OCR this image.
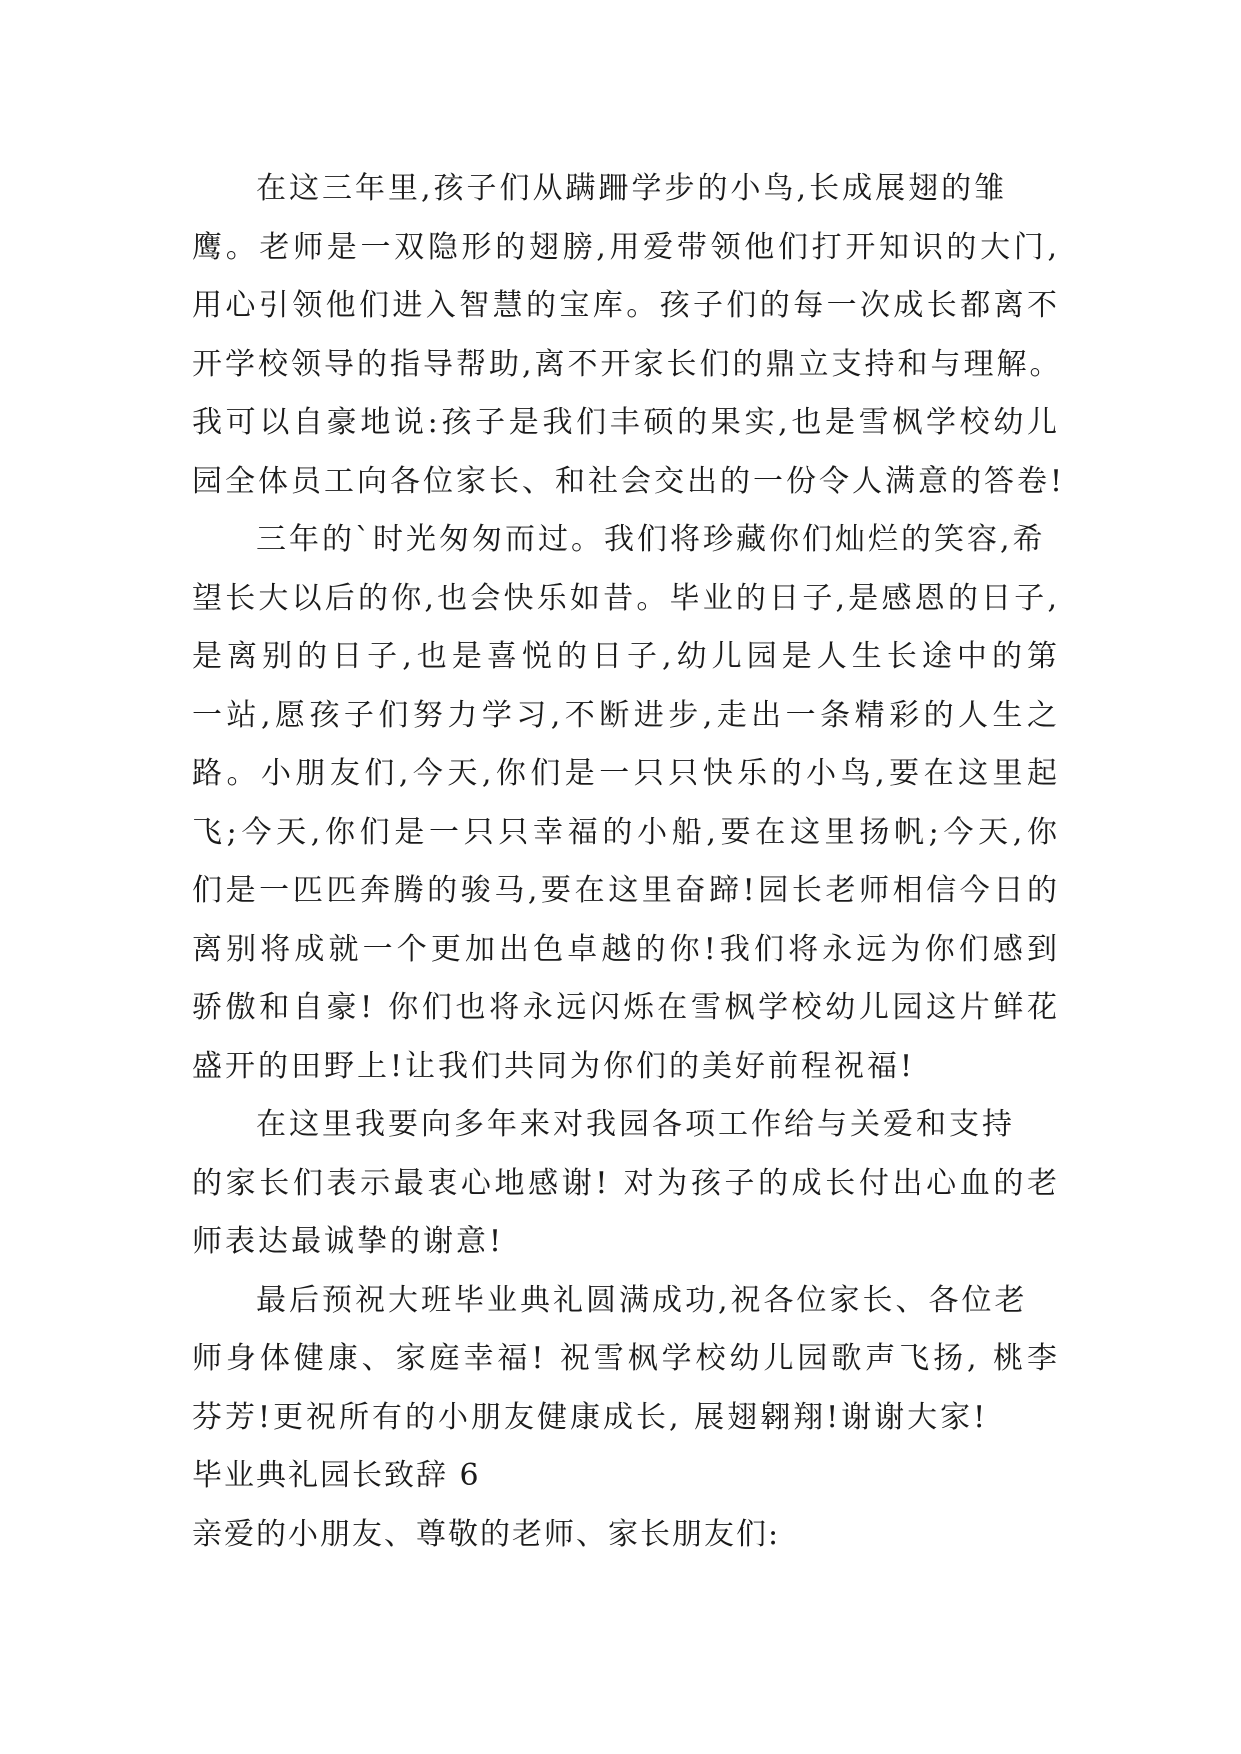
在这三年里,孩子们从蹒跚学步的小鸟,长成展翅的雏

鹰。老师是一双隐形的翅膀,用爱带领他们打开知识的大门,

用心引领他们进入智慧的宝库。孩子们的每一次成长都离不

开学校领导的指导帮助,离不开家长们的鼎立支持和与理解。

我可以自豪地说:孩子是我们丰硕的果实,也是雪枫学校幼儿

园全体员工向各位家长、和社会交出的一份令人满意的答卷!

三年的`时光匆匆而过。我们将珍藏你们灿烂的笑容,希

望长大以后的你,也会快乐如昔。毕业的日子,是感恩的日子,

是离别的日子,也是喜悦的日子,幼儿园是人生长途中的第

一站,愿孩子们努力学习,不断进步,走出一条精彩的人生之

路。小朋友们,今天,你们是一只只快乐的小鸟,要在这里起

飞;今天,你们是一只只幸福的小船,要在这里扬帆;今天,你

们是一匹匹奔腾的骏马,要在这里奋蹄!园长老师相信今日的

离别将成就一个更加出色卓越的你!我们将永远为你们感到

骄傲和自豪! 你们也将永远闪烁在雪枫学校幼儿园这片鲜花

盛开的田野上!让我们共同为你们的美好前程祝福!

在这里我要向多年来对我园各项工作给与关爱和支持

的家长们表示最衷心地感谢! 对为孩子的成长付出心血的老

师表达最诚挚的谢意!

最后预祝大班毕业典礼圆满成功,祝各位家长、各位老

师身体健康、家庭幸福! 祝雪枫学校幼儿园歌声飞扬, 桃李

芬芳!更祝所有的小朋友健康成长, 展翅翱翔!谢谢大家!

毕业典礼园长致辞 6

亲爱的小朋友、尊敬的老师、家长朋友们:
